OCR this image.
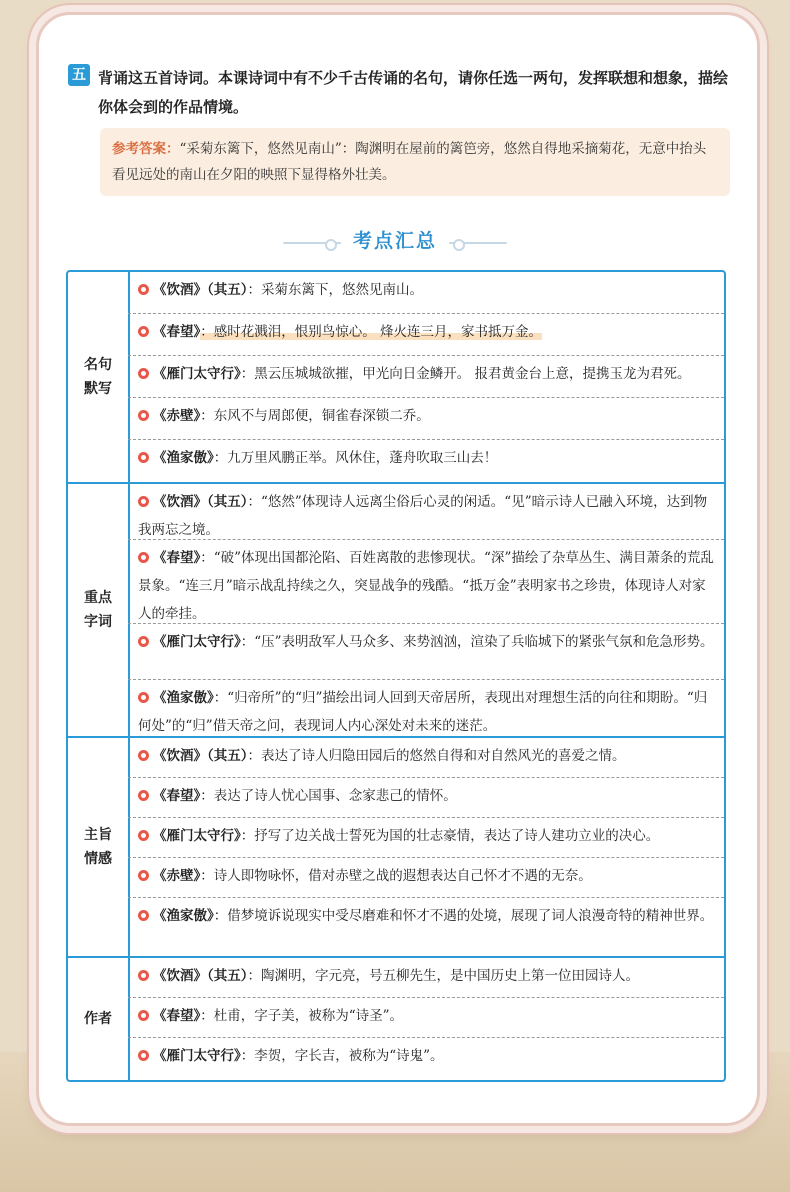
五 背诵这五首诗词。本课诗词中有不少千古传诵的名句，请你任选一两句，发挥联想和想象，描绘你体会到的作品情境。
参考答案：“采菊东篱下，悠然见南山”：陶渊明在屋前的篱笆旁，悠然自得地采摘菊花，无意中抬头看见远处的南山在夕阳的映照下显得格外壮美。
考点汇总
名句默写
《饮酒》（其五）：采菊东篱下，悠然见南山。
《春望》：感时花溅泪，恨别鸟惊心。 烽火连三月，家书抵万金。
《雁门太守行》：黑云压城城欲摧，甲光向日金鳞开。 报君黄金台上意，提携玉龙为君死。
《赤壁》：东风不与周郎便，铜雀春深锁二乔。
《渔家傲》：九万里风鹏正举。风休住，蓬舟吹取三山去！
重点字词
《饮酒》（其五）：“悠然”体现诗人远离尘俗后心灵的闲适。“见”暗示诗人已融入环境，达到物我两忘之境。
《春望》：“破”体现出国都沦陷、百姓离散的悲惨现状。“深”描绘了杂草丛生、满目萧条的荒乱景象。“连三月”暗示战乱持续之久，突显战争的残酷。“抵万金”表明家书之珍贵，体现诗人对家人的牵挂。
《雁门太守行》：“压”表明敌军人马众多、来势汹汹，渲染了兵临城下的紧张气氛和危急形势。
《渔家傲》：“归帝所”的“归”描绘出词人回到天帝居所，表现出对理想生活的向往和期盼。“归何处”的“归”借天帝之问，表现词人内心深处对未来的迷茫。
主旨情感
《饮酒》（其五）：表达了诗人归隐田园后的悠然自得和对自然风光的喜爱之情。
《春望》：表达了诗人忧心国事、念家悲己的情怀。
《雁门太守行》：抒写了边关战士誓死为国的壮志豪情，表达了诗人建功立业的决心。
《赤壁》：诗人即物咏怀，借对赤壁之战的遐想表达自己怀才不遇的无奈。
《渔家傲》：借梦境诉说现实中受尽磨难和怀才不遇的处境，展现了词人浪漫奇特的精神世界。
作者
《饮酒》（其五）：陶渊明，字元亮，号五柳先生，是中国历史上第一位田园诗人。
《春望》：杜甫，字子美，被称为“诗圣”。
《雁门太守行》：李贺，字长吉，被称为“诗鬼”。
